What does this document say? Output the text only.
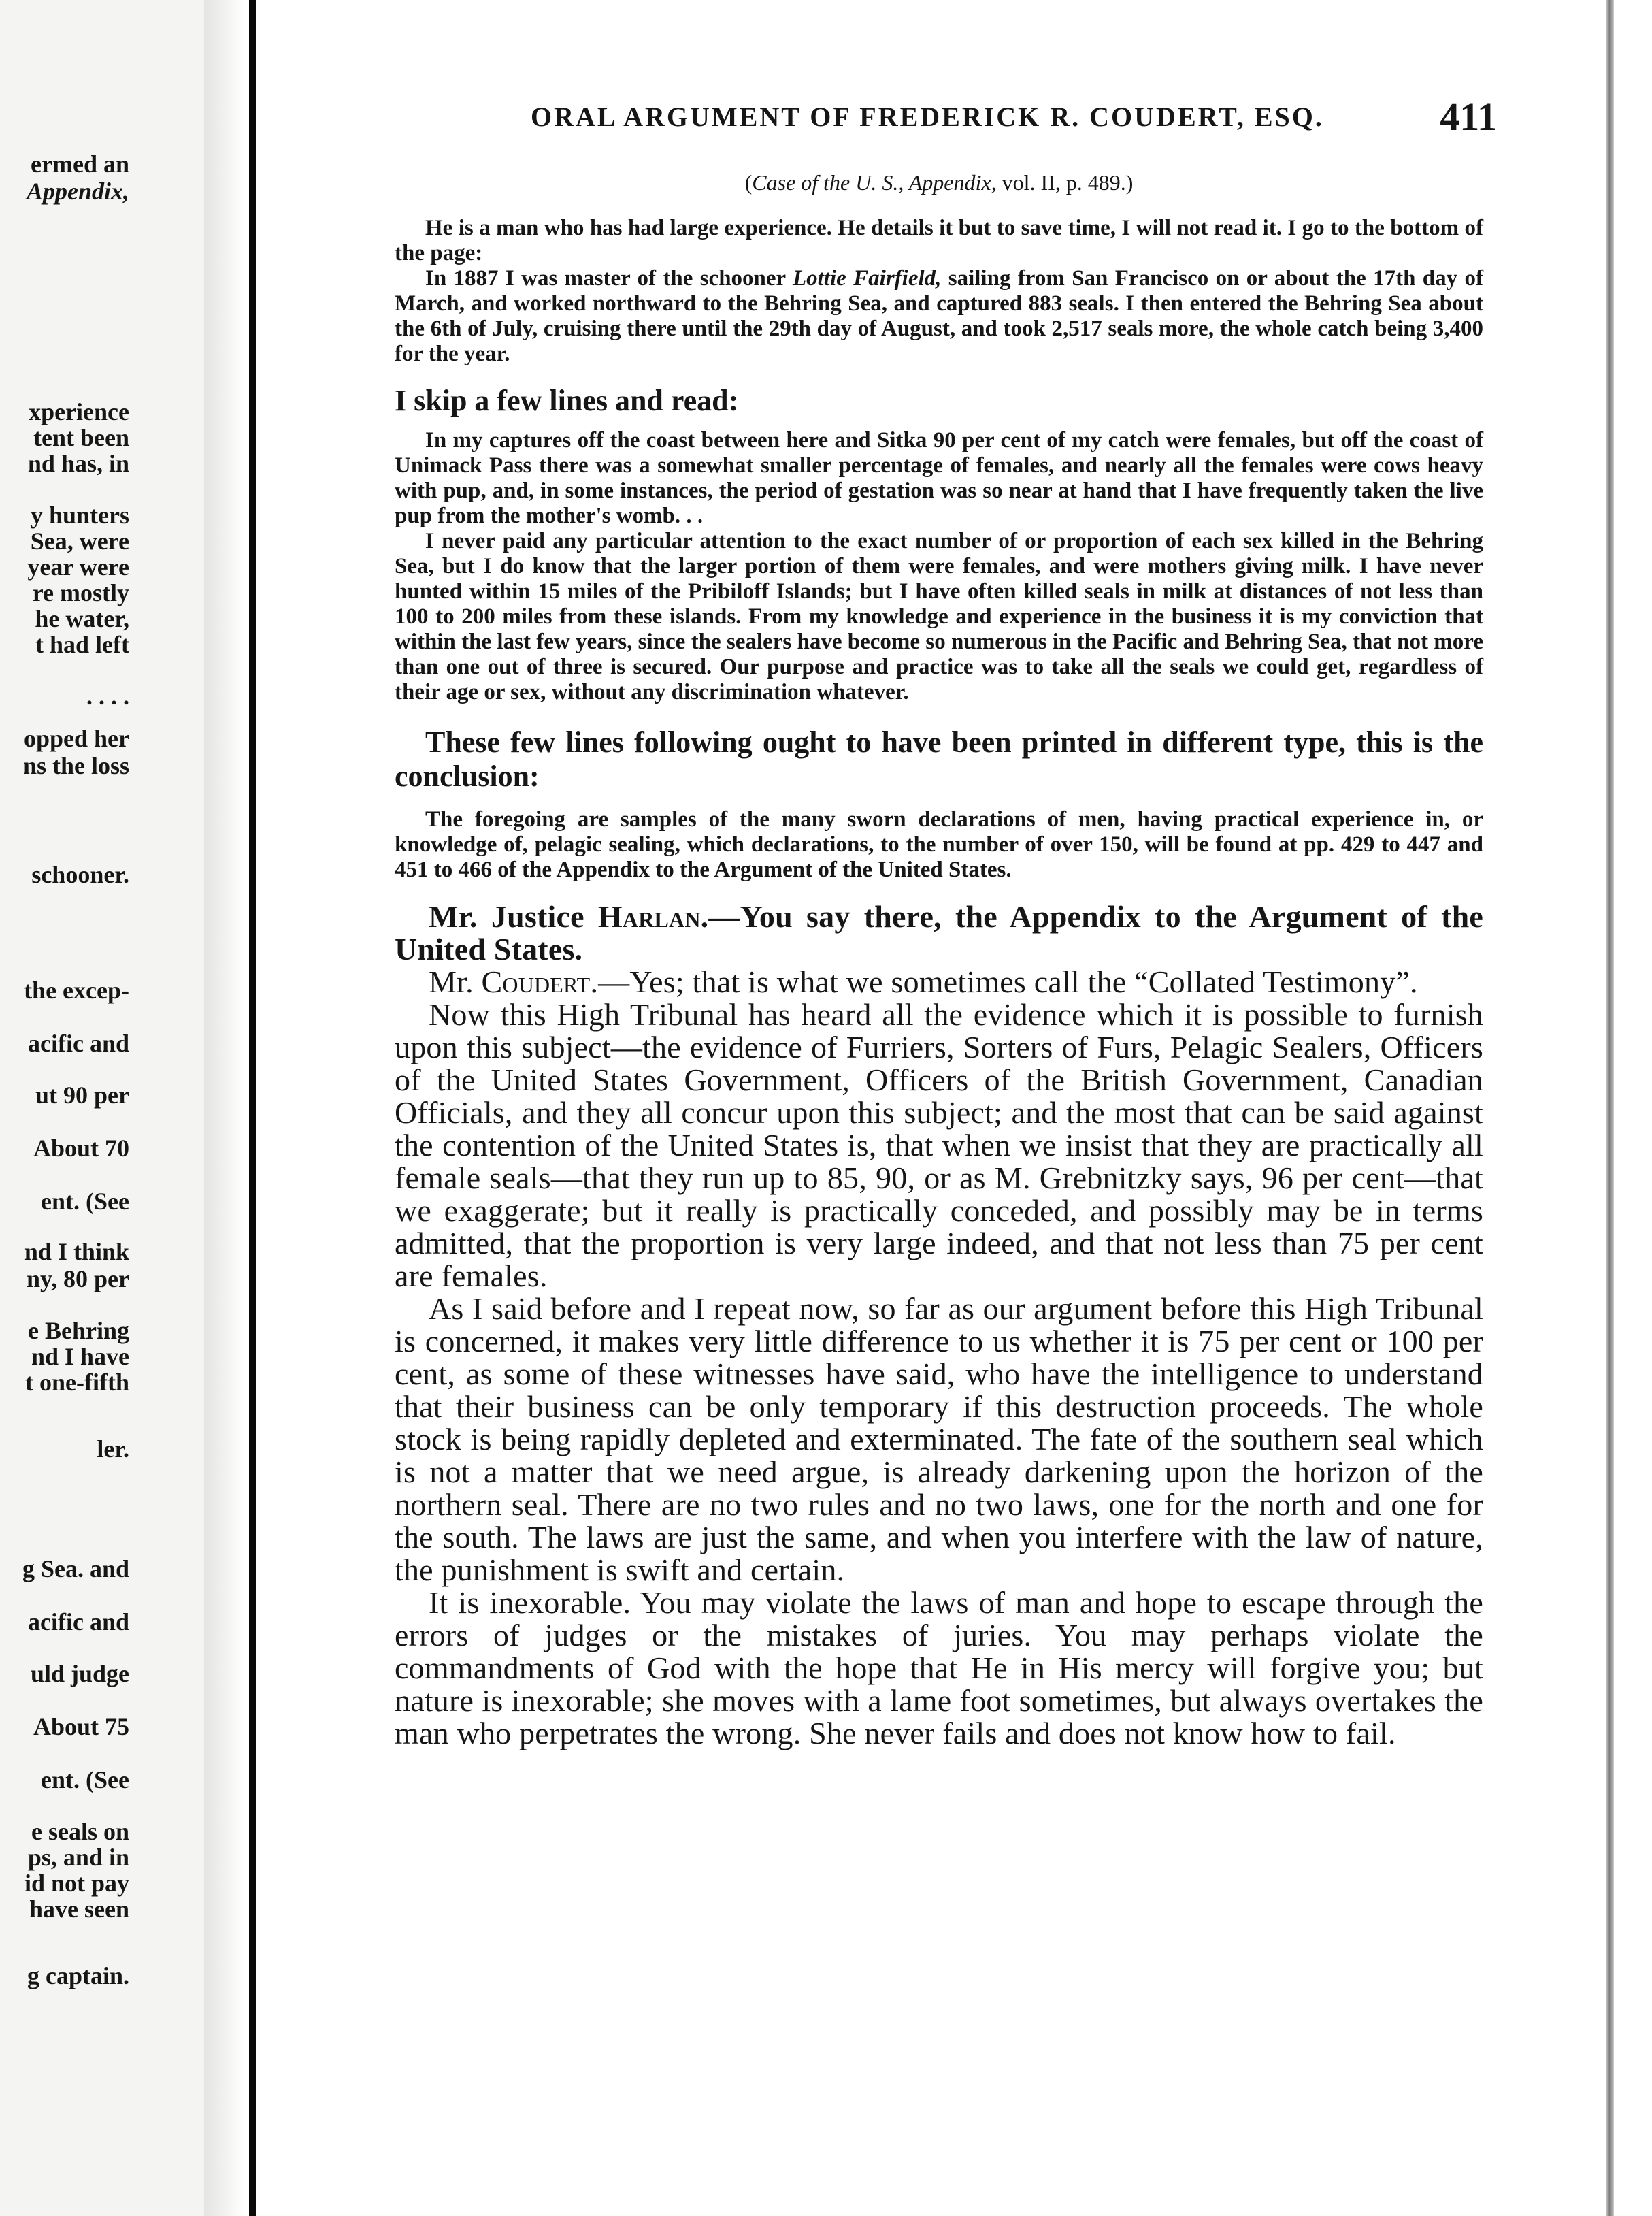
ermed an
Appendix,
xperience
tent been
nd has, in
y hunters
Sea, were
year were
re mostly
he water,
t had left
. . . .
opped her
ns the loss
schooner.
the excep-
acific and
ut 90 per
About 70
ent. (See
nd I think
ny, 80 per
e Behring
nd I have
t one-fifth
ler.
g Sea. and
acific and
uld judge
About 75
ent. (See
e seals on
ps, and in
id not pay
have seen
g captain.
ORAL ARGUMENT OF FREDERICK R. COUDERT, ESQ.	411
(Case of the U. S., Appendix, vol. II, p. 489.)

He is a man who has had large experience. He details it but to save time, I will not read it. I go to the bottom of the page:

In 1887 I was master of the schooner Lottie Fairfield, sailing from San Francisco on or about the 17th day of March, and worked northward to the Behring Sea, and captured 883 seals. I then entered the Behring Sea about the 6th of July, cruising there until the 29th day of August, and took 2,517 seals more, the whole catch being 3,400 for the year.

I skip a few lines and read:

In my captures off the coast between here and Sitka 90 per cent of my catch were females, but off the coast of Unimack Pass there was a somewhat smaller percentage of females, and nearly all the females were cows heavy with pup, and, in some instances, the period of gestation was so near at hand that I have frequently taken the live pup from the mother's womb. . .

I never paid any particular attention to the exact number of or proportion of each sex killed in the Behring Sea, but I do know that the larger portion of them were females, and were mothers giving milk. I have never hunted within 15 miles of the Pribiloff Islands; but I have often killed seals in milk at distances of not less than 100 to 200 miles from these islands. From my knowledge and experience in the business it is my conviction that within the last few years, since the sealers have become so numerous in the Pacific and Behring Sea, that not more than one out of three is secured. Our purpose and practice was to take all the seals we could get, regardless of their age or sex, without any discrimination whatever.

These few lines following ought to have been printed in different type, this is the conclusion:

The foregoing are samples of the many sworn declarations of men, having practical experience in, or knowledge of, pelagic sealing, which declarations, to the number of over 150, will be found at pp. 429 to 447 and 451 to 466 of the Appendix to the Argument of the United States.

Mr. Justice Harlan.—You say there, the Appendix to the Argument of the United States.

Mr. Coudert.—Yes; that is what we sometimes call the “Collated Testimony”.

Now this High Tribunal has heard all the evidence which it is possible to furnish upon this subject—the evidence of Furriers, Sorters of Furs, Pelagic Sealers, Officers of the United States Government, Officers of the British Government, Canadian Officials, and they all concur upon this subject; and the most that can be said against the contention of the United States is, that when we insist that they are practically all female seals—that they run up to 85, 90, or as M. Grebnitzky says, 96 per cent—that we exaggerate; but it really is practically conceded, and possibly may be in terms admitted, that the proportion is very large indeed, and that not less than 75 per cent are females.

As I said before and I repeat now, so far as our argument before this High Tribunal is concerned, it makes very little difference to us whether it is 75 per cent or 100 per cent, as some of these witnesses have said, who have the intelligence to understand that their business can be only temporary if this destruction proceeds. The whole stock is being rapidly depleted and exterminated. The fate of the southern seal which is not a matter that we need argue, is already darkening upon the horizon of the northern seal. There are no two rules and no two laws, one for the north and one for the south. The laws are just the same, and when you interfere with the law of nature, the punishment is swift and certain.

It is inexorable. You may violate the laws of man and hope to escape through the errors of judges or the mistakes of juries. You may perhaps violate the commandments of God with the hope that He in His mercy will forgive you; but nature is inexorable; she moves with a lame foot sometimes, but always overtakes the man who perpetrates the wrong. She never fails and does not know how to fail.
